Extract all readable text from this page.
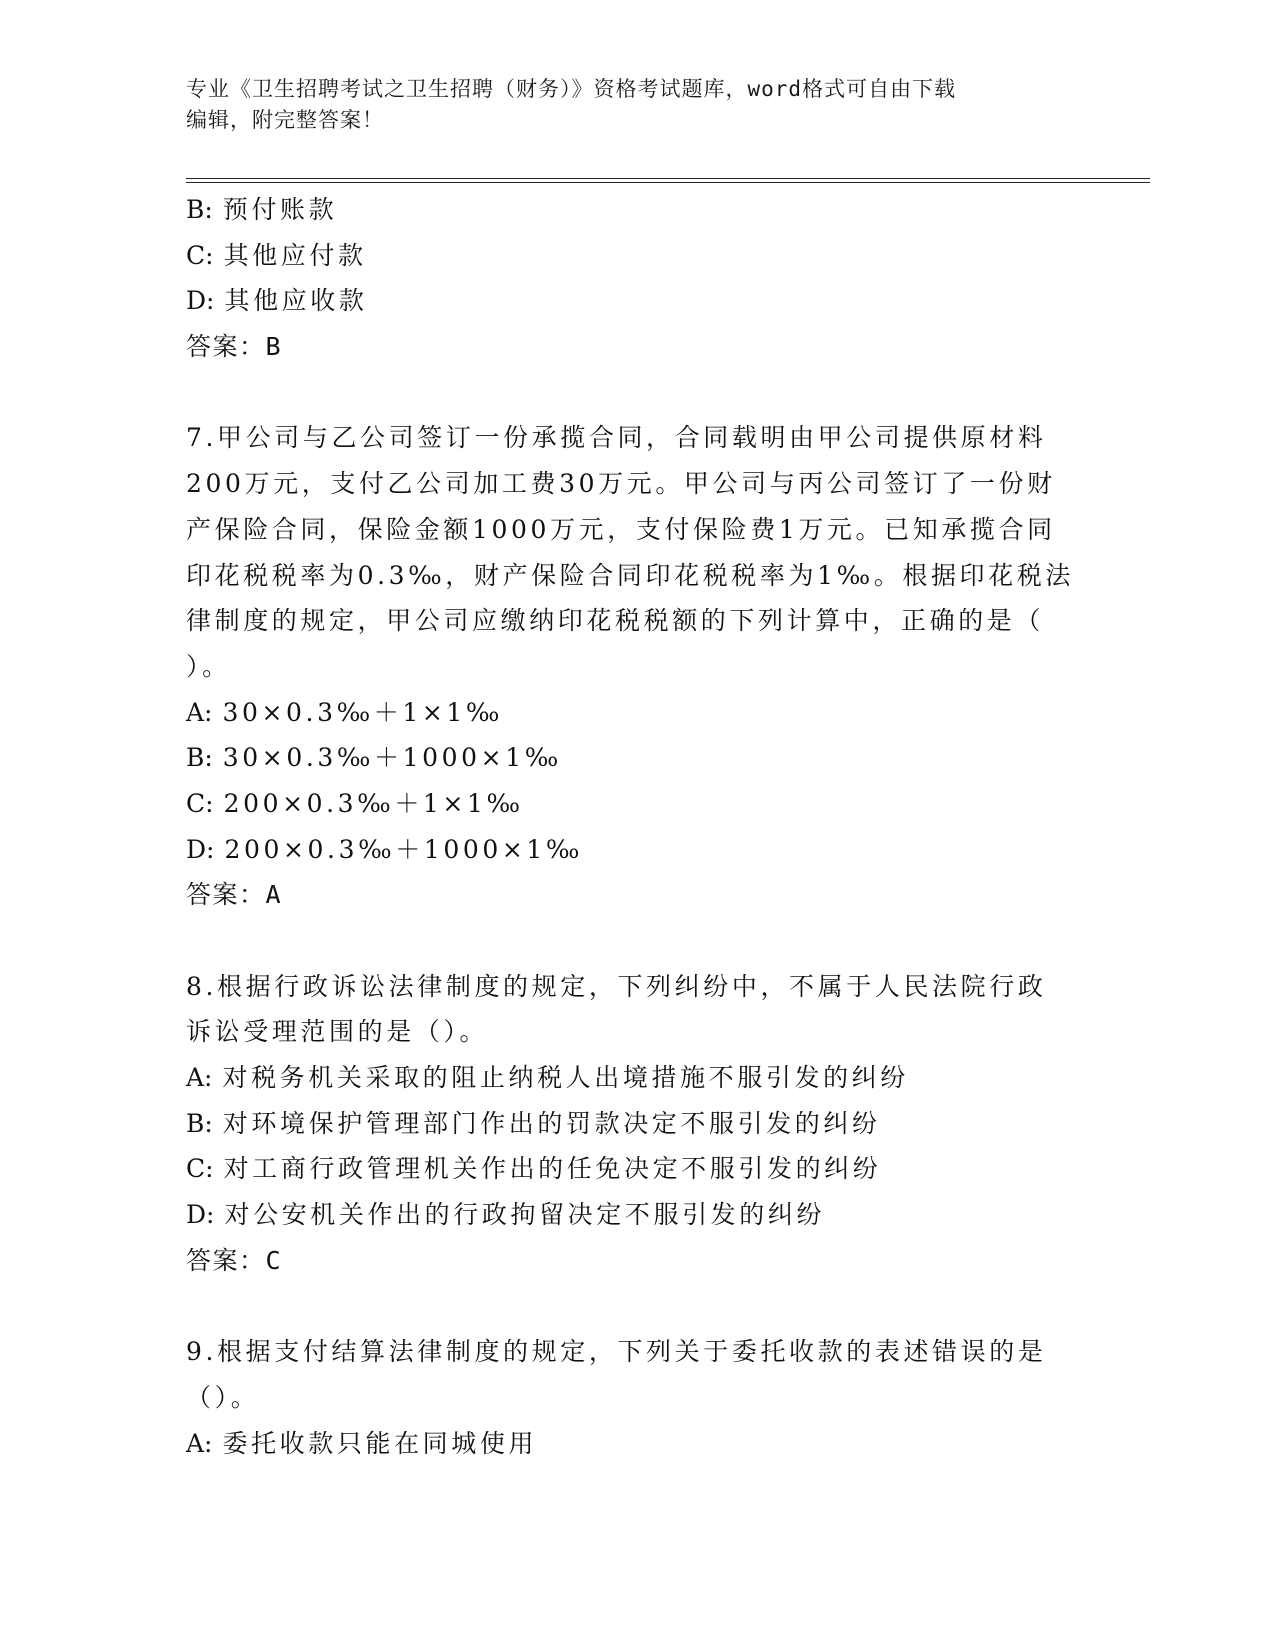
专业《卫生招聘考试之卫生招聘（财务）》资格考试题库，word格式可自由下载
编辑，附完整答案！
B: 预付账款
C: 其他应付款
D: 其他应收款
答案：B
7.甲公司与乙公司签订一份承揽合同，合同载明由甲公司提供原材料
200万元，支付乙公司加工费30万元。甲公司与丙公司签订了一份财
产保险合同，保险金额1000万元，支付保险费1万元。已知承揽合同
印花税税率为0.3‰，财产保险合同印花税税率为1‰。根据印花税法
律制度的规定，甲公司应缴纳印花税税额的下列计算中，正确的是（
）。
A: 30×0.3‰＋1×1‰
B: 30×0.3‰＋1000×1‰
C: 200×0.3‰＋1×1‰
D: 200×0.3‰＋1000×1‰
答案：A
8.根据行政诉讼法律制度的规定，下列纠纷中，不属于人民法院行政
诉讼受理范围的是（）。
A: 对税务机关采取的阻止纳税人出境措施不服引发的纠纷
B: 对环境保护管理部门作出的罚款决定不服引发的纠纷
C: 对工商行政管理机关作出的任免决定不服引发的纠纷
D: 对公安机关作出的行政拘留决定不服引发的纠纷
答案：C
9.根据支付结算法律制度的规定，下列关于委托收款的表述错误的是
（）。
A: 委托收款只能在同城使用
